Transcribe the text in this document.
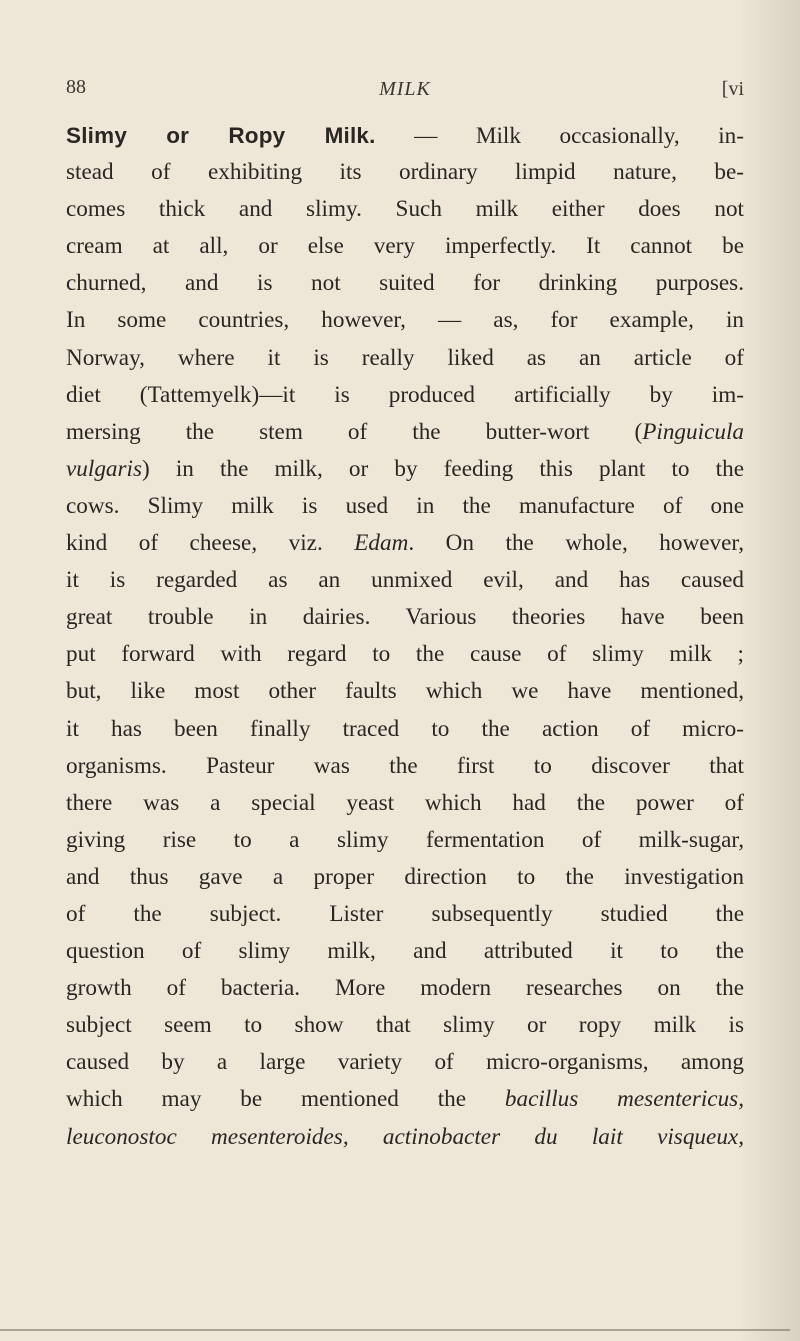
88	MILK	[vi
Slimy or Ropy Milk. — Milk occasionally, in-
stead of exhibiting its ordinary limpid nature, be-
comes thick and slimy. Such milk either does not
cream at all, or else very imperfectly. It cannot be
churned, and is not suited for drinking purposes.
In some countries, however, — as, for example, in
Norway, where it is really liked as an article of
diet (Tattemyelk)—it is produced artificially by im-
mersing the stem of the butter-wort (Pinguicula
vulgaris) in the milk, or by feeding this plant to the
cows. Slimy milk is used in the manufacture of one
kind of cheese, viz. Edam. On the whole, however,
it is regarded as an unmixed evil, and has caused
great trouble in dairies. Various theories have been
put forward with regard to the cause of slimy milk ;
but, like most other faults which we have mentioned,
it has been finally traced to the action of micro-
organisms. Pasteur was the first to discover that
there was a special yeast which had the power of
giving rise to a slimy fermentation of milk-sugar,
and thus gave a proper direction to the investigation
of the subject. Lister subsequently studied the
question of slimy milk, and attributed it to the
growth of bacteria. More modern researches on the
subject seem to show that slimy or ropy milk is
caused by a large variety of micro-organisms, among
which may be mentioned the bacillus mesentericus,
leuconostoc mesenteroides, actinobacter du lait visqueux,
